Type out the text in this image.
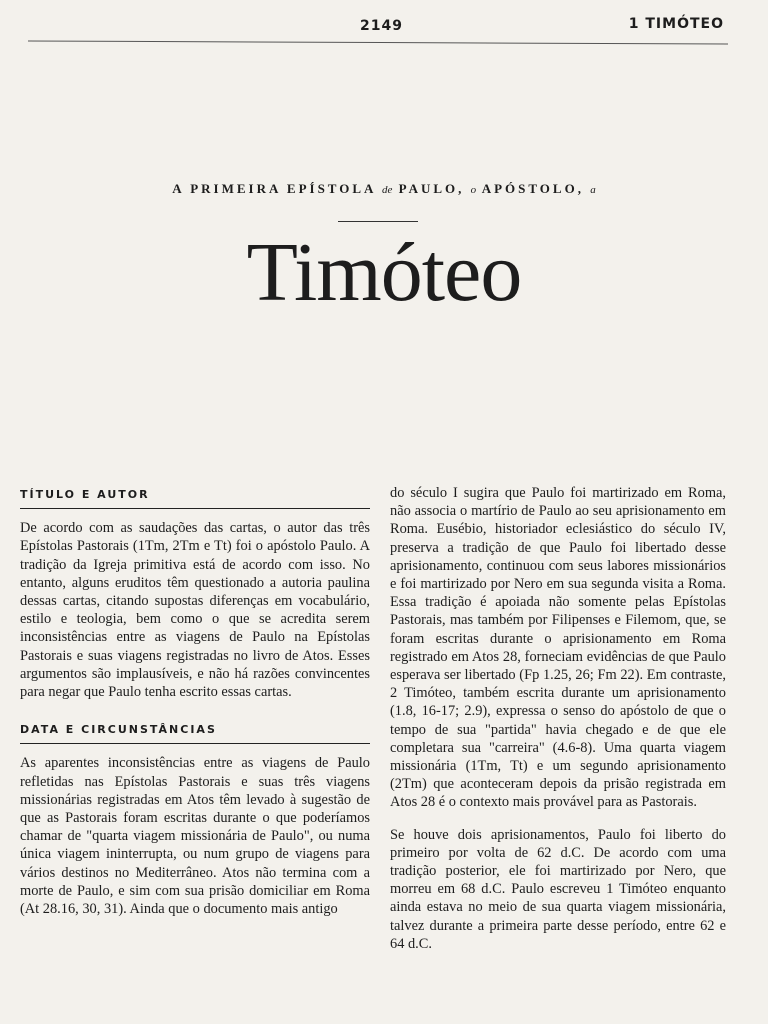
2149	1 TIMÓTEO
A PRIMEIRA EPÍSTOLA de PAULO, o APÓSTOLO, a
Timóteo
TÍTULO E AUTOR

De acordo com as saudações das cartas, o autor das três Epístolas Pastorais (1Tm, 2Tm e Tt) foi o apóstolo Paulo. A tradição da Igreja primitiva está de acordo com isso. No entanto, alguns eruditos têm questionado a autoria paulina dessas cartas, citando supostas diferenças em vocabulário, estilo e teologia, bem como o que se acredita serem inconsistências entre as viagens de Paulo na Epístolas Pastorais e suas viagens registradas no livro de Atos. Esses argumentos são implausíveis, e não há razões convincentes para negar que Paulo tenha escrito essas cartas.

DATA E CIRCUNSTÂNCIAS

As aparentes inconsistências entre as viagens de Paulo refletidas nas Epístolas Pastorais e suas três viagens missionárias registradas em Atos têm levado à sugestão de que as Pastorais foram escritas durante o que poderíamos chamar de "quarta viagem missionária de Paulo", ou numa única viagem ininterrupta, ou num grupo de viagens para vários destinos no Mediterrâneo. Atos não termina com a morte de Paulo, e sim com sua prisão domiciliar em Roma (At 28.16, 30, 31). Ainda que o documento mais antigo

do século I sugira que Paulo foi martirizado em Roma, não associa o martírio de Paulo ao seu aprisionamento em Roma. Eusébio, historiador eclesiástico do século IV, preserva a tradição de que Paulo foi libertado desse aprisionamento, continuou com seus labores missionários e foi martirizado por Nero em sua segunda visita a Roma. Essa tradição é apoiada não somente pelas Epístolas Pastorais, mas também por Filipenses e Filemom, que, se foram escritas durante o aprisionamento em Roma registrado em Atos 28, forneciam evidências de que Paulo esperava ser libertado (Fp 1.25, 26; Fm 22). Em contraste, 2 Timóteo, também escrita durante um aprisionamento (1.8, 16-17; 2.9), expressa o senso do apóstolo de que o tempo de sua "partida" havia chegado e de que ele completara sua "carreira" (4.6-8). Uma quarta viagem missionária (1Tm, Tt) e um segundo aprisionamento (2Tm) que aconteceram depois da prisão registrada em Atos 28 é o contexto mais provável para as Pastorais.

Se houve dois aprisionamentos, Paulo foi liberto do primeiro por volta de 62 d.C. De acordo com uma tradição posterior, ele foi martirizado por Nero, que morreu em 68 d.C. Paulo escreveu 1 Timóteo enquanto ainda estava no meio de sua quarta viagem missionária, talvez durante a primeira parte desse período, entre 62 e 64 d.C.
